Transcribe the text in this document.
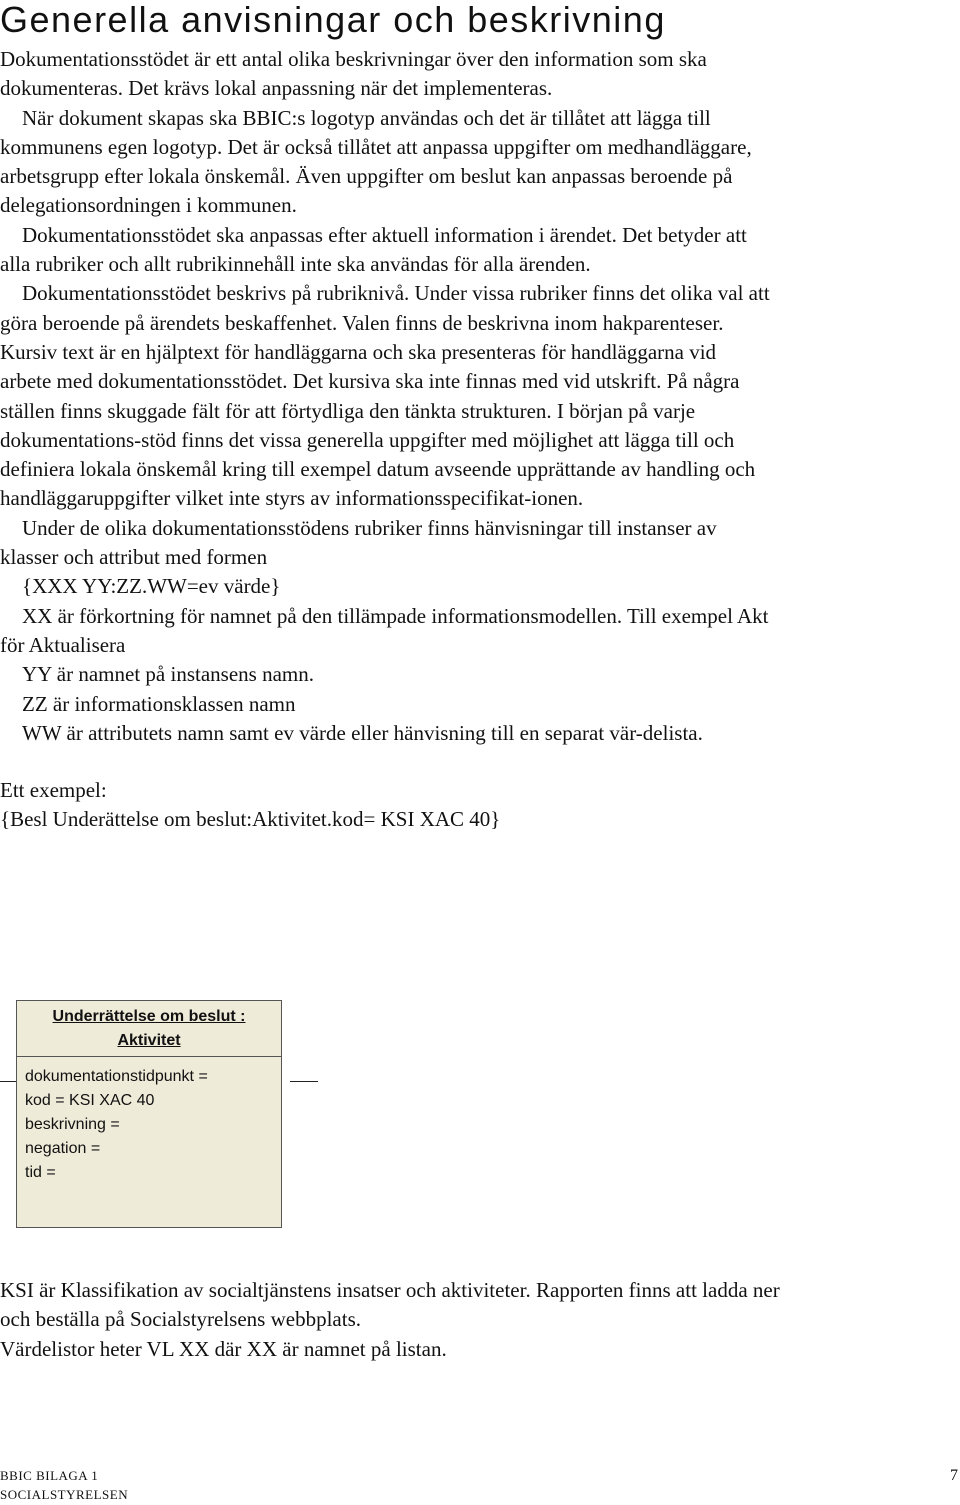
Generella anvisningar och beskrivning

Dokumentationsstödet är ett antal olika beskrivningar över den information som ska dokumenteras. Det krävs lokal anpassning när det implementeras.

När dokument skapas ska BBIC:s logotyp användas och det är tillåtet att lägga till kommunens egen logotyp. Det är också tillåtet att anpassa uppgifter om medhandläggare, arbetsgrupp efter lokala önskemål. Även uppgifter om beslut kan anpassas beroende på delegationsordningen i kommunen.

Dokumentationsstödet ska anpassas efter aktuell information i ärendet. Det betyder att alla rubriker och allt rubrikinnehåll inte ska användas för alla ärenden.

Dokumentationsstödet beskrivs på rubriknivå. Under vissa rubriker finns det olika val att göra beroende på ärendets beskaffenhet. Valen finns de beskrivna inom hakparenteser. Kursiv text är en hjälptext för handläggarna och ska presenteras för handläggarna vid arbete med dokumentationsstödet. Det kursiva ska inte finnas med vid utskrift. På några ställen finns skuggade fält för att förtydliga den tänkta strukturen. I början på varje dokumentations-stöd finns det vissa generella uppgifter med möjlighet att lägga till och definiera lokala önskemål kring till exempel datum avseende upprättande av handling och handläggaruppgifter vilket inte styrs av informationsspecifikat-ionen.

Under de olika dokumentationsstödens rubriker finns hänvisningar till instanser av klasser och attribut med formen

{XXX YY:ZZ.WW=ev värde}

XX är förkortning för namnet på den tillämpade informationsmodellen. Till exempel Akt för Aktualisera

YY är namnet på instansens namn.

ZZ är informationsklassen namn

WW är attributets namn samt ev värde eller hänvisning till en separat vär-delista.

Ett exempel:

{Besl Underättelse om beslut:Aktivitet.kod= KSI XAC 40}

Underrättelse om beslut :
Aktivitet
dokumentationstidpunkt =
kod = KSI XAC 40
beskrivning =
negation =
tid =

KSI är Klassifikation av socialtjänstens insatser och aktiviteter. Rapporten finns att ladda ner och beställa på Socialstyrelsens webbplats.

Värdelistor heter VL XX där XX är namnet på listan.

BBIC BILAGA 1
SOCIALSTYRELSEN
7
